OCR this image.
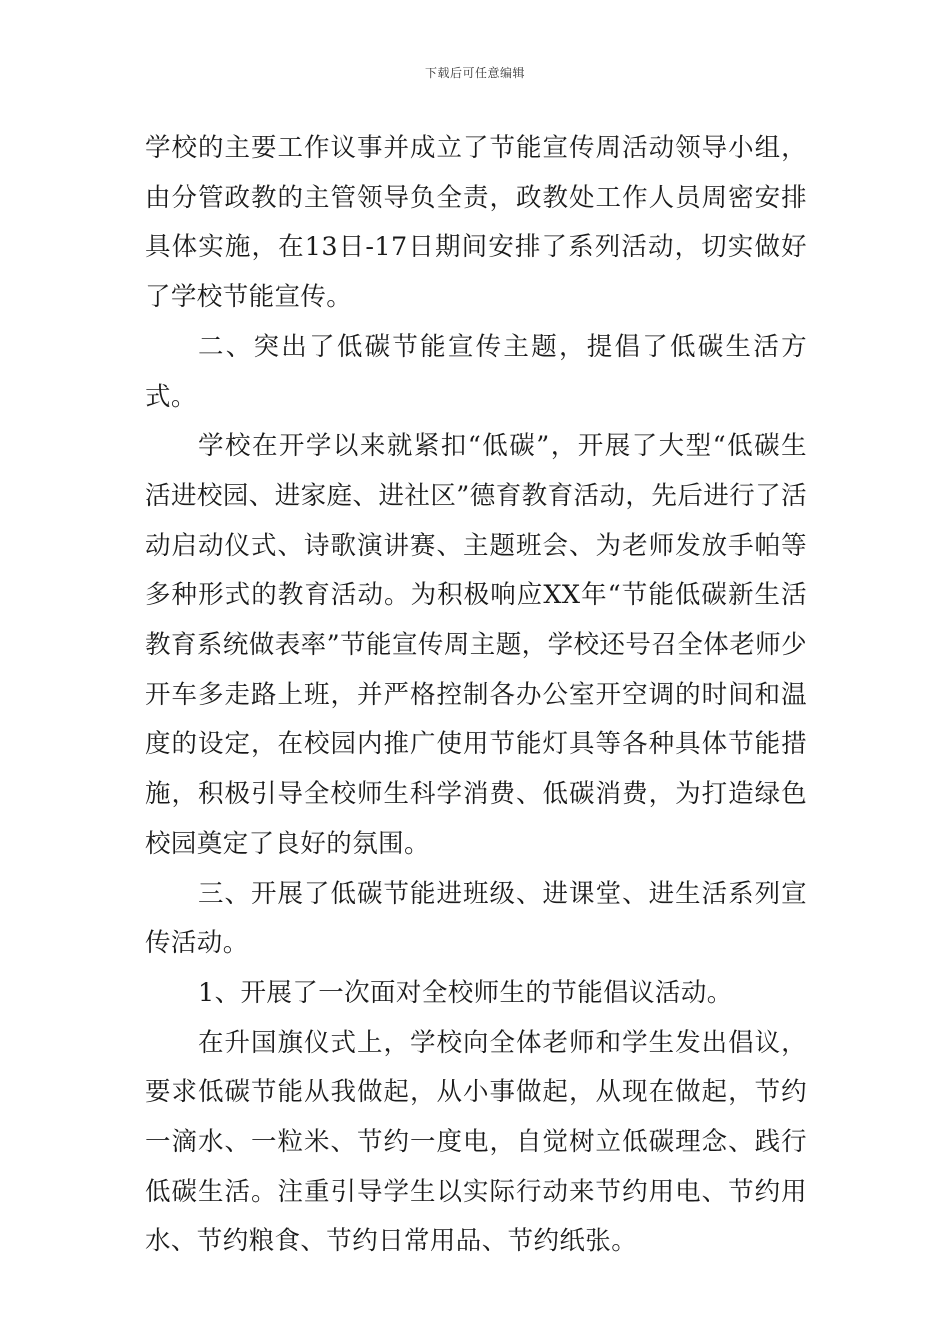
下载后可任意编辑

学校的主要工作议事并成立了节能宣传周活动领导小组，由分管政教的主管领导负全责，政教处工作人员周密安排具体实施，在13日-17日期间安排了系列活动，切实做好了学校节能宣传。

二、突出了低碳节能宣传主题，提倡了低碳生活方式。

学校在开学以来就紧扣“低碳”，开展了大型“低碳生活进校园、进家庭、进社区”德育教育活动，先后进行了活动启动仪式、诗歌演讲赛、主题班会、为老师发放手帕等多种形式的教育活动。为积极响应XX年“节能低碳新生活教育系统做表率”节能宣传周主题，学校还号召全体老师少开车多走路上班，并严格控制各办公室开空调的时间和温度的设定，在校园内推广使用节能灯具等各种具体节能措施，积极引导全校师生科学消费、低碳消费，为打造绿色校园奠定了良好的氛围。

三、开展了低碳节能进班级、进课堂、进生活系列宣传活动。

1、开展了一次面对全校师生的节能倡议活动。

在升国旗仪式上，学校向全体老师和学生发出倡议，要求低碳节能从我做起，从小事做起，从现在做起，节约一滴水、一粒米、节约一度电，自觉树立低碳理念、践行低碳生活。注重引导学生以实际行动来节约用电、节约用水、节约粮食、节约日常用品、节约纸张。
